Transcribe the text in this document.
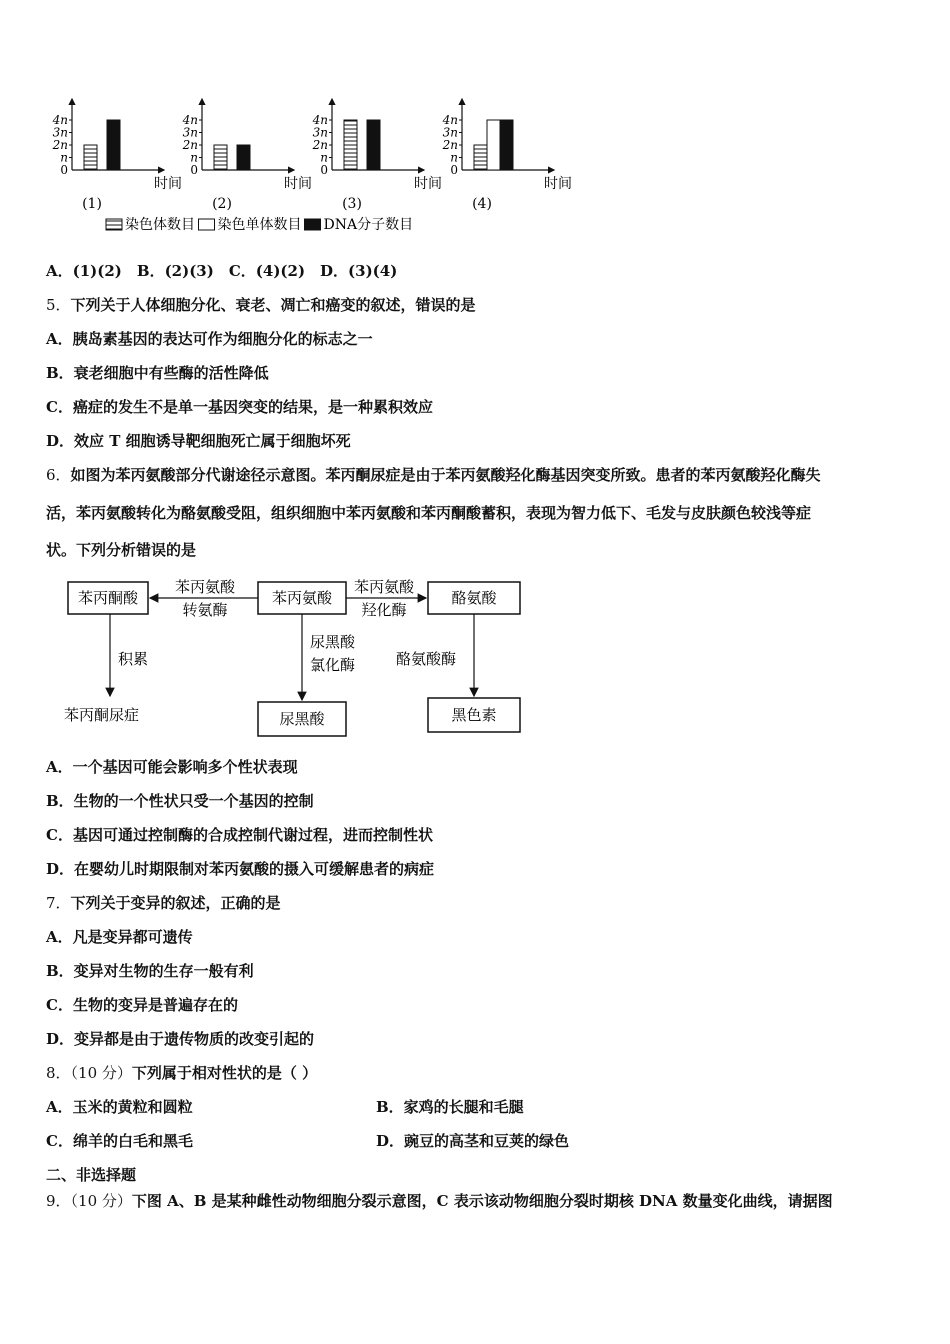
4n
3n
2n
n
0
时间
(1)
4n
3n
2n
n
0
时间
(2)
4n
3n
2n
n
0
时间
(3)
4n
3n
2n
n
0
时间
(4)
染色体数目 染色单体数目 DNA分子数目
A．(1)(2)　B．(2)(3)　C．(4)(2)　D．(3)(4)
5．下列关于人体细胞分化、衰老、凋亡和癌变的叙述，错误的是
A．胰岛素基因的表达可作为细胞分化的标志之一
B．衰老细胞中有些酶的活性降低
C．癌症的发生不是单一基因突变的结果，是一种累积效应
D．效应 T 细胞诱导靶细胞死亡属于细胞坏死
6．如图为苯丙氨酸部分代谢途径示意图。苯丙酮尿症是由于苯丙氨酸羟化酶基因突变所致。患者的苯丙氨酸羟化酶失
活，苯丙氨酸转化为酪氨酸受阻，组织细胞中苯丙氨酸和苯丙酮酸蓄积，表现为智力低下、毛发与皮肤颜色较浅等症
状。下列分析错误的是
苯丙酮酸	苯丙氨酸	酪氨酸
苯丙氨酸
转氨酶
苯丙氨酸
羟化酶
积累
苯丙酮尿症
尿黑酸
氯化酶
尿黑酸
酪氨酸酶
黑色素
A．一个基因可能会影响多个性状表现
B．生物的一个性状只受一个基因的控制
C．基因可通过控制酶的合成控制代谢过程，进而控制性状
D．在婴幼儿时期限制对苯丙氨酸的摄入可缓解患者的病症
7．下列关于变异的叙述，正确的是
A．凡是变异都可遗传
B．变异对生物的生存一般有利
C．生物的变异是普遍存在的
D．变异都是由于遗传物质的改变引起的
8．（10 分）下列属于相对性状的是（ ）
A．玉米的黄粒和圆粒	B．家鸡的长腿和毛腿
C．绵羊的白毛和黑毛	D．豌豆的高茎和豆荚的绿色
二、非选择题
9．（10 分）下图 A、B 是某种雌性动物细胞分裂示意图，C 表示该动物细胞分裂时期核 DNA 数量变化曲线，请据图
